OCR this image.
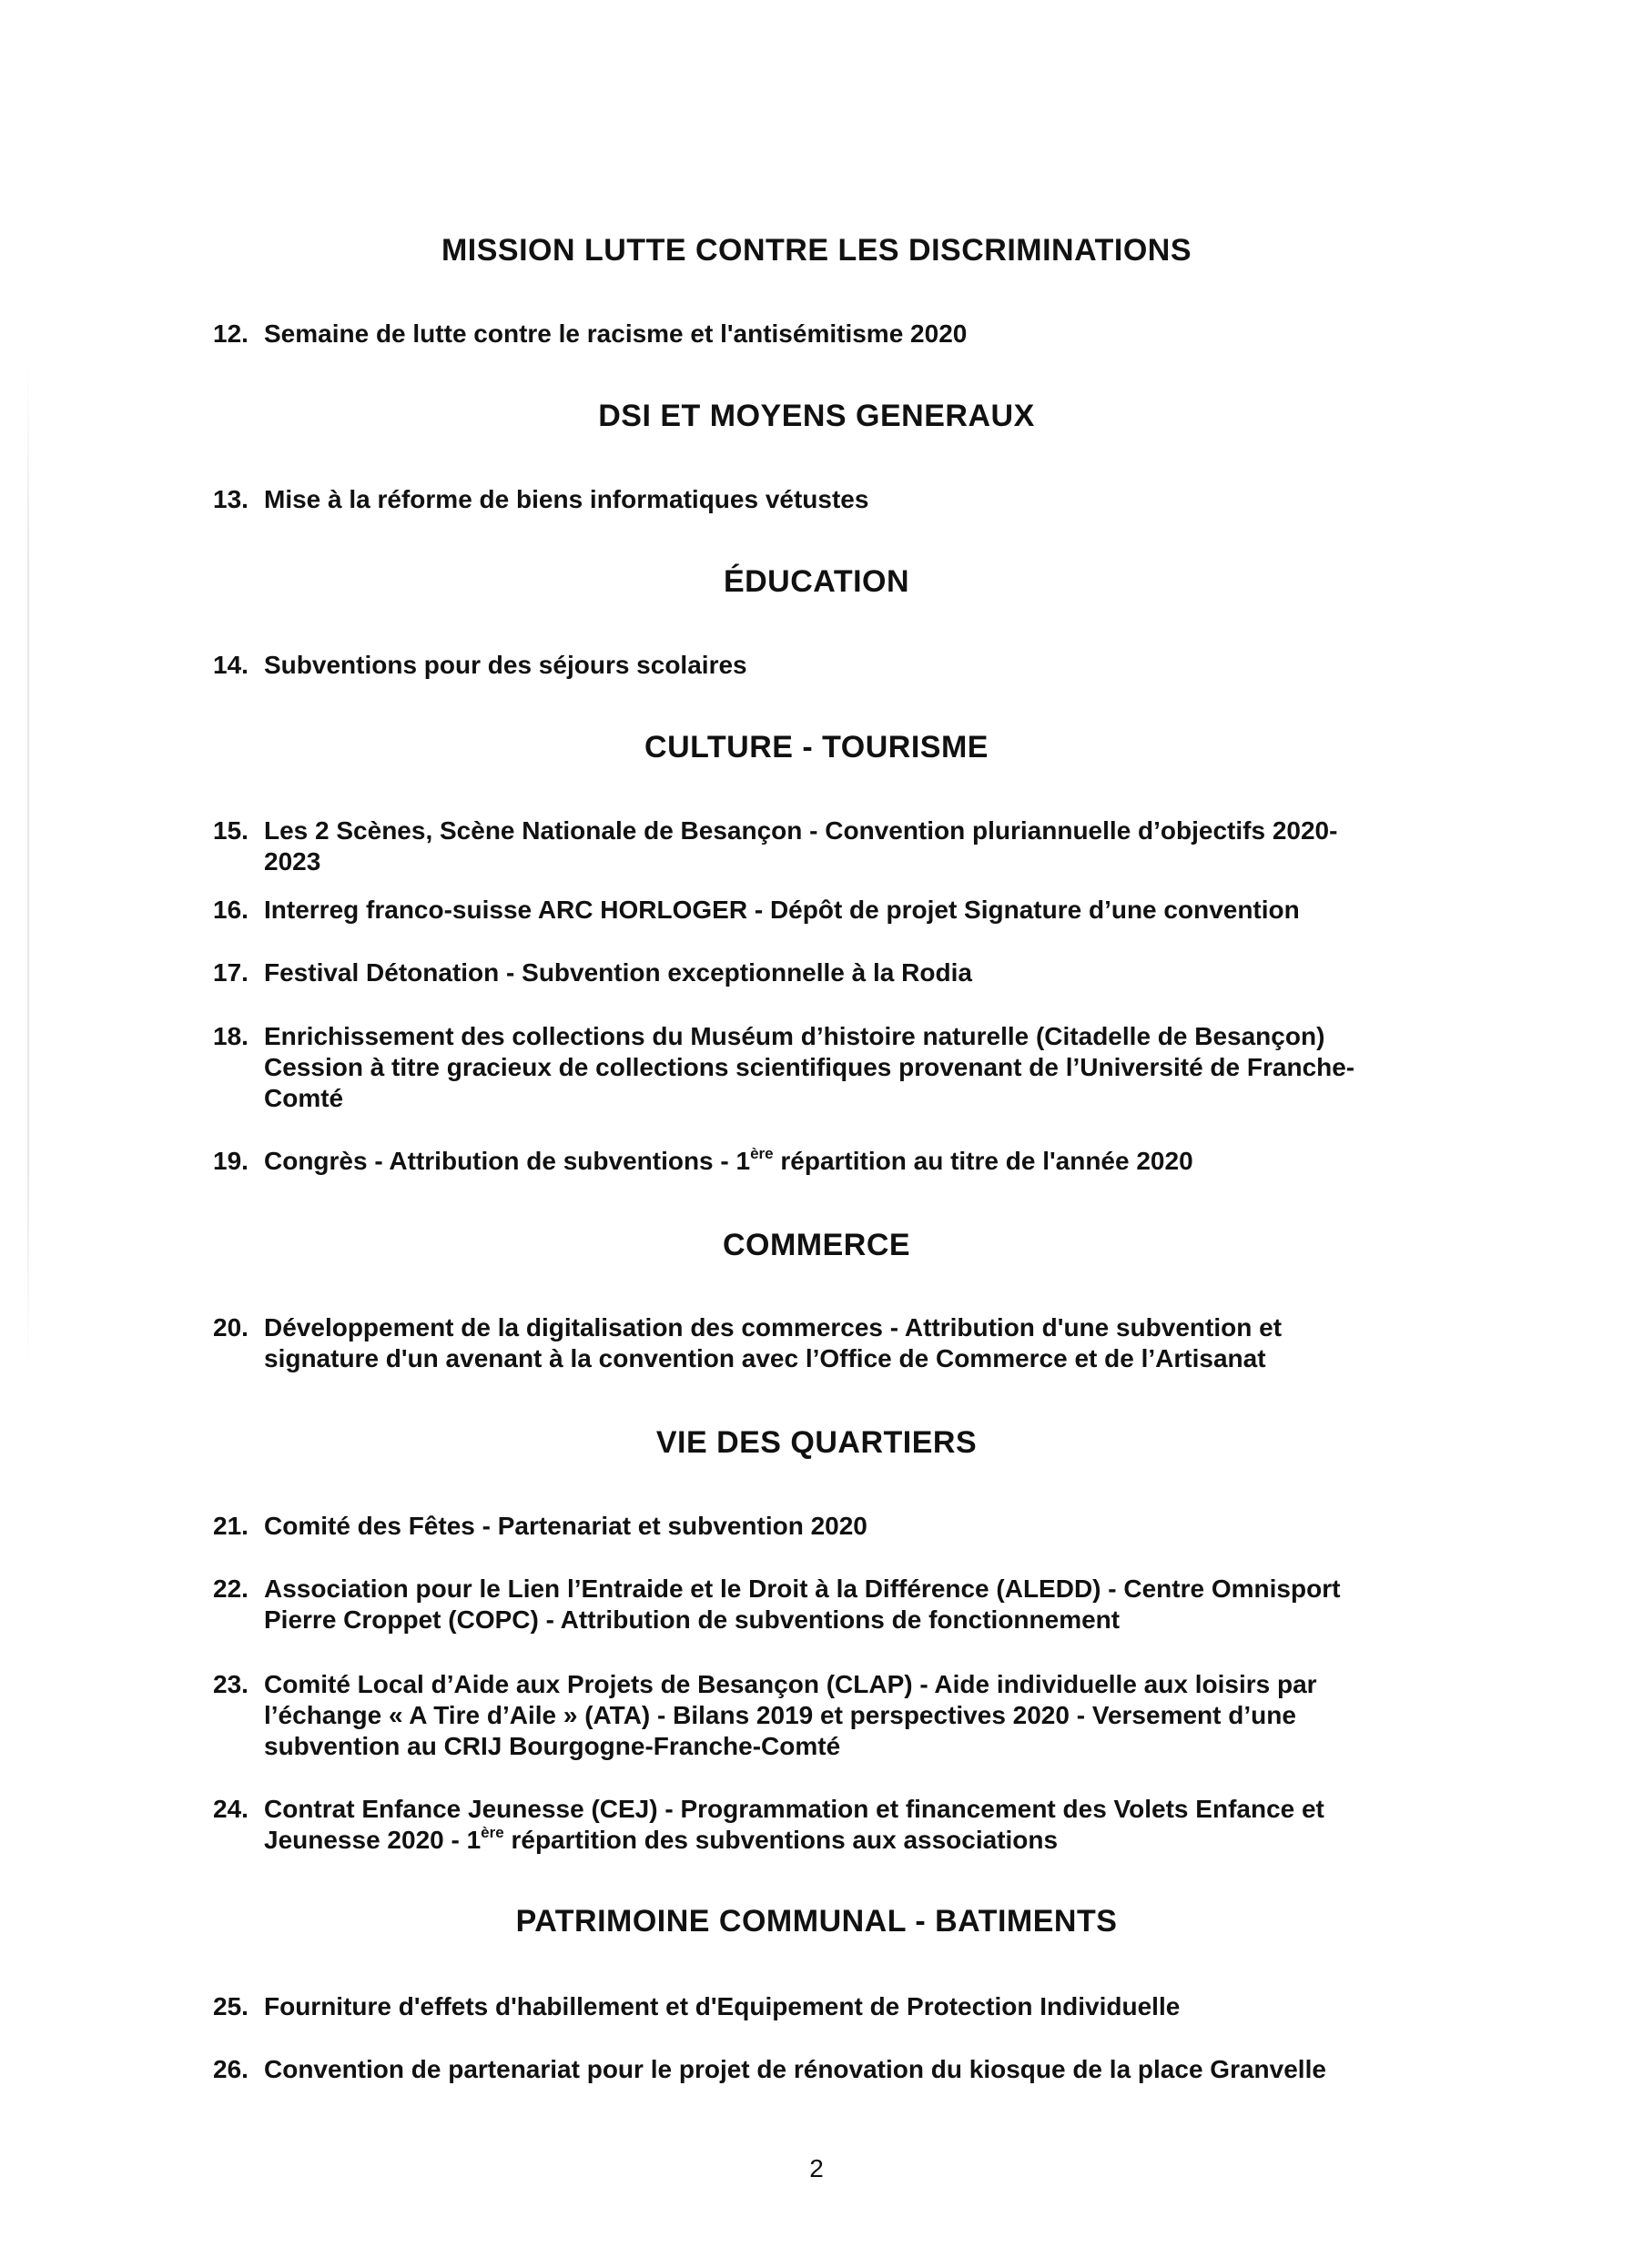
MISSION LUTTE CONTRE LES DISCRIMINATIONS
12. Semaine de lutte contre le racisme et l'antisémitisme 2020
DSI ET MOYENS GENERAUX
13. Mise à la réforme de biens informatiques vétustes
ÉDUCATION
14. Subventions pour des séjours scolaires
CULTURE - TOURISME
15. Les 2 Scènes, Scène Nationale de Besançon - Convention pluriannuelle d’objectifs 2020-
2023
16. Interreg franco-suisse ARC HORLOGER - Dépôt de projet Signature d’une convention
17. Festival Détonation - Subvention exceptionnelle à la Rodia
18. Enrichissement des collections du Muséum d’histoire naturelle (Citadelle de Besançon)
Cession à titre gracieux de collections scientifiques provenant de l’Université de Franche-
Comté
19. Congrès - Attribution de subventions - 1ère répartition au titre de l'année 2020
COMMERCE
20. Développement de la digitalisation des commerces - Attribution d'une subvention et
signature d'un avenant à la convention avec l’Office de Commerce et de l’Artisanat
VIE DES QUARTIERS
21. Comité des Fêtes - Partenariat et subvention 2020
22. Association pour le Lien l’Entraide et le Droit à la Différence (ALEDD) - Centre Omnisport
Pierre Croppet (COPC) - Attribution de subventions de fonctionnement
23. Comité Local d’Aide aux Projets de Besançon (CLAP) - Aide individuelle aux loisirs par
l’échange « A Tire d’Aile » (ATA) - Bilans 2019 et perspectives 2020 - Versement d’une
subvention au CRIJ Bourgogne-Franche-Comté
24. Contrat Enfance Jeunesse (CEJ) - Programmation et financement des Volets Enfance et
Jeunesse 2020 - 1ère répartition des subventions aux associations
PATRIMOINE COMMUNAL - BATIMENTS
25. Fourniture d'effets d'habillement et d'Equipement de Protection Individuelle
26. Convention de partenariat pour le projet de rénovation du kiosque de la place Granvelle
2
